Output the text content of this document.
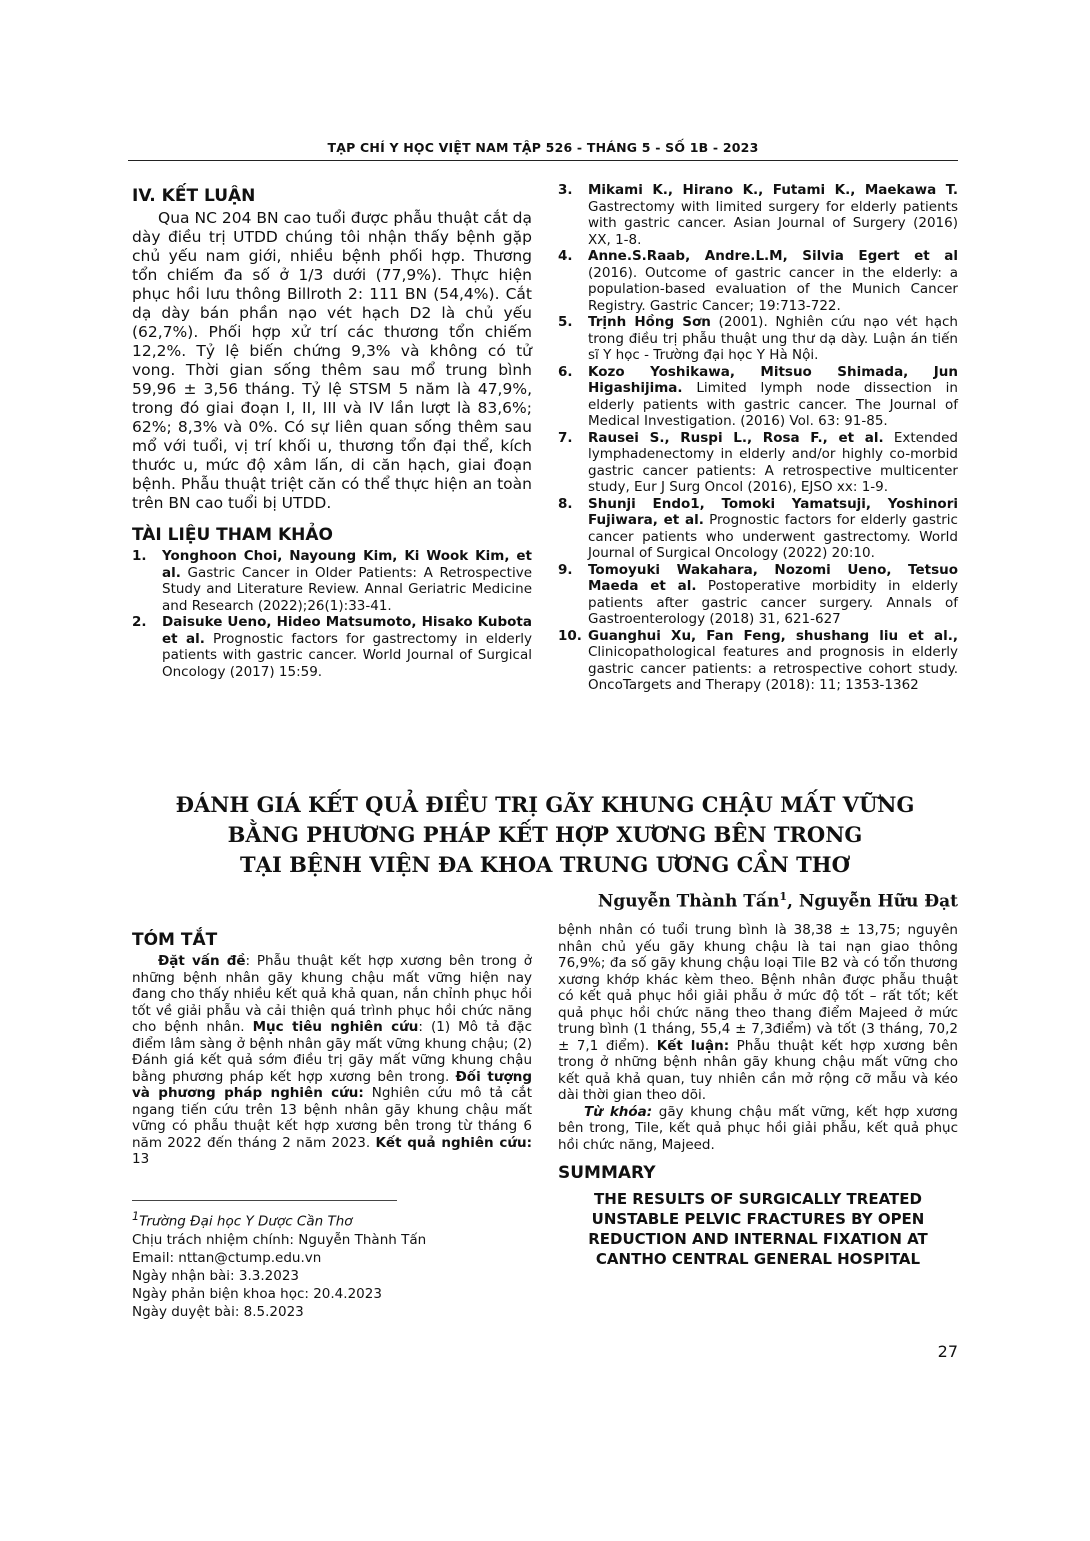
TẠP CHÍ Y HỌC VIỆT NAM TẬP 526 - THÁNG 5 - SỐ 1B - 2023
IV. KẾT LUẬN

Qua NC 204 BN cao tuổi được phẫu thuật cắt dạ dày điều trị UTDD chúng tôi nhận thấy bệnh gặp chủ yếu nam giới, nhiều bệnh phối hợp. Thương tổn chiếm đa số ở 1/3 dưới (77,9%). Thực hiện phục hồi lưu thông Billroth 2: 111 BN (54,4%). Cắt dạ dày bán phần nạo vét hạch D2 là chủ yếu (62,7%). Phối hợp xử trí các thương tổn chiếm 12,2%. Tỷ lệ biến chứng 9,3% và không có tử vong. Thời gian sống thêm sau mổ trung bình 59,96 ± 3,56 tháng. Tỷ lệ STSM 5 năm là 47,9%, trong đó giai đoạn I, II, III và IV lần lượt là 83,6%; 62%; 8,3% và 0%. Có sự liên quan sống thêm sau mổ với tuổi, vị trí khối u, thương tổn đại thể, kích thước u, mức độ xâm lấn, di căn hạch, giai đoạn bệnh. Phẫu thuật triệt căn có thể thực hiện an toàn trên BN cao tuổi bị UTDD.

TÀI LIỆU THAM KHẢO
1.	Yonghoon Choi, Nayoung Kim, Ki Wook Kim, et al. Gastric Cancer in Older Patients: A Retrospective Study and Literature Review. Annal Geriatric Medicine and Research (2022);26(1):33-41.
2.	Daisuke Ueno, Hideo Matsumoto, Hisako Kubota et al. Prognostic factors for gastrectomy in elderly patients with gastric cancer. World Journal of Surgical Oncology (2017) 15:59.
3.	Mikami K., Hirano K., Futami K., Maekawa T. Gastrectomy with limited surgery for elderly patients with gastric cancer. Asian Journal of Surgery (2016) XX, 1-8.
4.	Anne.S.Raab, Andre.L.M, Silvia Egert et al (2016). Outcome of gastric cancer in the elderly: a population-based evaluation of the Munich Cancer Registry. Gastric Cancer; 19:713-722.
5.	Trịnh Hồng Sơn (2001). Nghiên cứu nạo vét hạch trong điều trị phẫu thuật ung thư dạ dày. Luận án tiến sĩ Y học - Trường đại học Y Hà Nội.
6.	Kozo Yoshikawa, Mitsuo Shimada, Jun Higashijima. Limited lymph node dissection in elderly patients with gastric cancer. The Journal of Medical Investigation. (2016) Vol. 63: 91-85.
7.	Rausei S., Ruspi L., Rosa F., et al. Extended lymphadenectomy in elderly and/or highly co-morbid gastric cancer patients: A retrospective multicenter study, Eur J Surg Oncol (2016), EJSO xx: 1-9.
8.	Shunji Endo1, Tomoki Yamatsuji, Yoshinori Fujiwara, et al. Prognostic factors for elderly gastric cancer patients who underwent gastrectomy. World Journal of Surgical Oncology (2022) 20:10.
9.	Tomoyuki Wakahara, Nozomi Ueno, Tetsuo Maeda et al. Postoperative morbidity in elderly patients after gastric cancer surgery. Annals of Gastroenterology (2018) 31, 621-627
10. Guanghui Xu, Fan Feng, shushang liu et al., Clinicopathological features and prognosis in elderly gastric cancer patients: a retrospective cohort study. OncoTargets and Therapy (2018): 11; 1353-1362
ĐÁNH GIÁ KẾT QUẢ ĐIỀU TRỊ GÃY KHUNG CHẬU MẤT VỮNG
BẰNG PHƯƠNG PHÁP KẾT HỢP XƯƠNG BÊN TRONG
TẠI BỆNH VIỆN ĐA KHOA TRUNG ƯƠNG CẦN THƠ
Nguyễn Thành Tấn$^1$, Nguyễn Hữu Đạt
TÓM TẮT

Đặt vấn đề: Phẫu thuật kết hợp xương bên trong ở những bệnh nhân gãy khung chậu mất vững hiện nay đang cho thấy nhiều kết quả khả quan, nắn chỉnh phục hồi tốt về giải phẫu và cải thiện quá trình phục hồi chức năng cho bệnh nhân. Mục tiêu nghiên cứu: (1) Mô tả đặc điểm lâm sàng ở bệnh nhân gãy mất vững khung chậu; (2) Đánh giá kết quả sớm điều trị gãy mất vững khung chậu bằng phương pháp kết hợp xương bên trong. Đối tượng và phương pháp nghiên cứu: Nghiên cứu mô tả cắt ngang tiến cứu trên 13 bệnh nhân gãy khung chậu mất vững có phẫu thuật kết hợp xương bên trong từ tháng 6 năm 2022 đến tháng 2 năm 2023. Kết quả nghiên cứu: 13

$^1$Trường Đại học Y Dược Cần Thơ
Chịu trách nhiệm chính: Nguyễn Thành Tấn
Email: nttan@ctump.edu.vn
Ngày nhận bài: 3.3.2023
Ngày phản biện khoa học: 20.4.2023
Ngày duyệt bài: 8.5.2023

bệnh nhân có tuổi trung bình là 38,38 ± 13,75; nguyên nhân chủ yếu gãy khung chậu là tai nạn giao thông 76,9%; đa số gãy khung chậu loại Tile B2 và có tổn thương xương khớp khác kèm theo. Bệnh nhân được phẫu thuật có kết quả phục hồi giải phẫu ở mức độ tốt – rất tốt; kết quả phục hồi chức năng theo thang điểm Majeed ở mức trung bình (1 tháng, 55,4 ± 7,3điểm) và tốt (3 tháng, 70,2 ± 7,1 điểm). Kết luận: Phẫu thuật kết hợp xương bên trong ở những bệnh nhân gãy khung chậu mất vững cho kết quả khả quan, tuy nhiên cần mở rộng cỡ mẫu và kéo dài thời gian theo dõi.

Từ khóa: gãy khung chậu mất vững, kết hợp xương bên trong, Tile, kết quả phục hồi giải phẫu, kết quả phục hồi chức năng, Majeed.

SUMMARY
THE RESULTS OF SURGICALLY TREATED UNSTABLE PELVIC FRACTURES BY OPEN REDUCTION AND INTERNAL FIXATION AT CANTHO CENTRAL GENERAL HOSPITAL
27
